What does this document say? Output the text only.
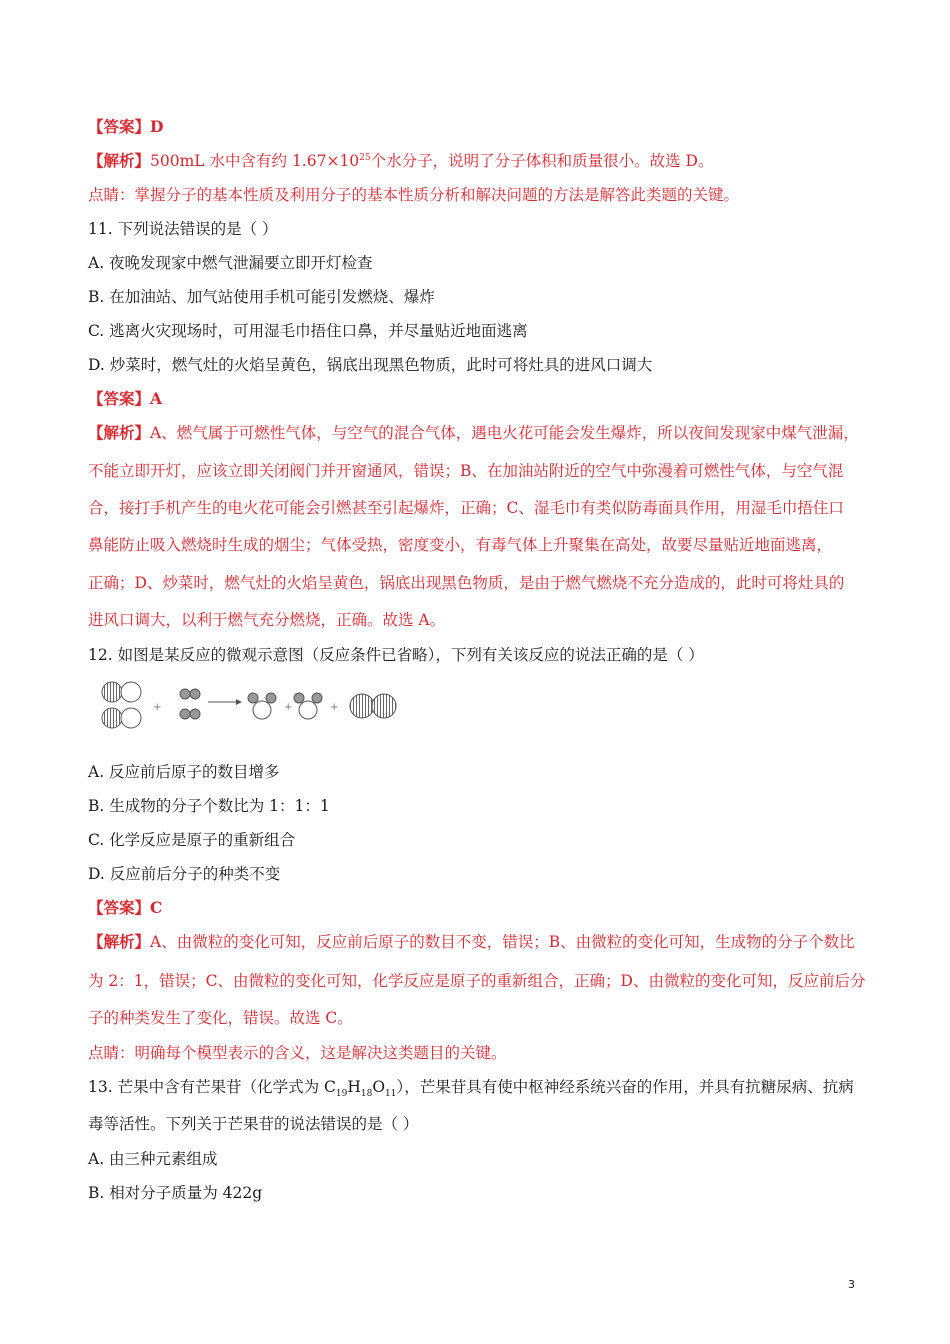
【答案】D
【解析】500mL 水中含有约 $1.67\times 10^{25}$个水分子，说明了分子体积和质量很小。故选 D。
点睛：掌握分子的基本性质及利用分子的基本性质分析和解决问题的方法是解答此类题的关键。
11. 下列说法错误的是（ ）
A. 夜晚发现家中燃气泄漏要立即开灯检查
B. 在加油站、加气站使用手机可能引发燃烧、爆炸
C. 逃离火灾现场时，可用湿毛巾捂住口鼻，并尽量贴近地面逃离
D. 炒菜时，燃气灶的火焰呈黄色，锅底出现黑色物质，此时可将灶具的进风口调大
【答案】A
【解析】A、燃气属于可燃性气体，与空气的混合气体，遇电火花可能会发生爆炸，所以夜间发现家中煤气泄漏，
不能立即开灯，应该立即关闭阀门并开窗通风，错误；B、在加油站附近的空气中弥漫着可燃性气体，与空气混
合，接打手机产生的电火花可能会引燃甚至引起爆炸，正确；C、湿毛巾有类似防毒面具作用，用湿毛巾捂住口
鼻能防止吸入燃烧时生成的烟尘；气体受热，密度变小，有毒气体上升聚集在高处，故要尽量贴近地面逃离，
正确；D、炒菜时，燃气灶的火焰呈黄色，锅底出现黑色物质，是由于燃气燃烧不充分造成的，此时可将灶具的
进风口调大，以利于燃气充分燃烧，正确。故选 A。
12. 如图是某反应的微观示意图（反应条件已省略），下列有关该反应的说法正确的是（ ）
+	+	+
A. 反应前后原子的数目增多
B. 生成物的分子个数比为 1：1：1
C. 化学反应是原子的重新组合
D. 反应前后分子的种类不变
【答案】C
【解析】A、由微粒的变化可知，反应前后原子的数目不变，错误；B、由微粒的变化可知，生成物的分子个数比
为 2：1，错误；C、由微粒的变化可知，化学反应是原子的重新组合，正确；D、由微粒的变化可知，反应前后分
子的种类发生了变化，错误。故选 C。
点睛：明确每个模型表示的含义，这是解决这类题目的关键。
13. 芒果中含有芒果苷（化学式为 $C_{19}H_{18}O_{11}$），芒果苷具有使中枢神经系统兴奋的作用，并具有抗糖尿病、抗病
毒等活性。下列关于芒果苷的说法错误的是（ ）
A. 由三种元素组成
B. 相对分子质量为 422g
3
